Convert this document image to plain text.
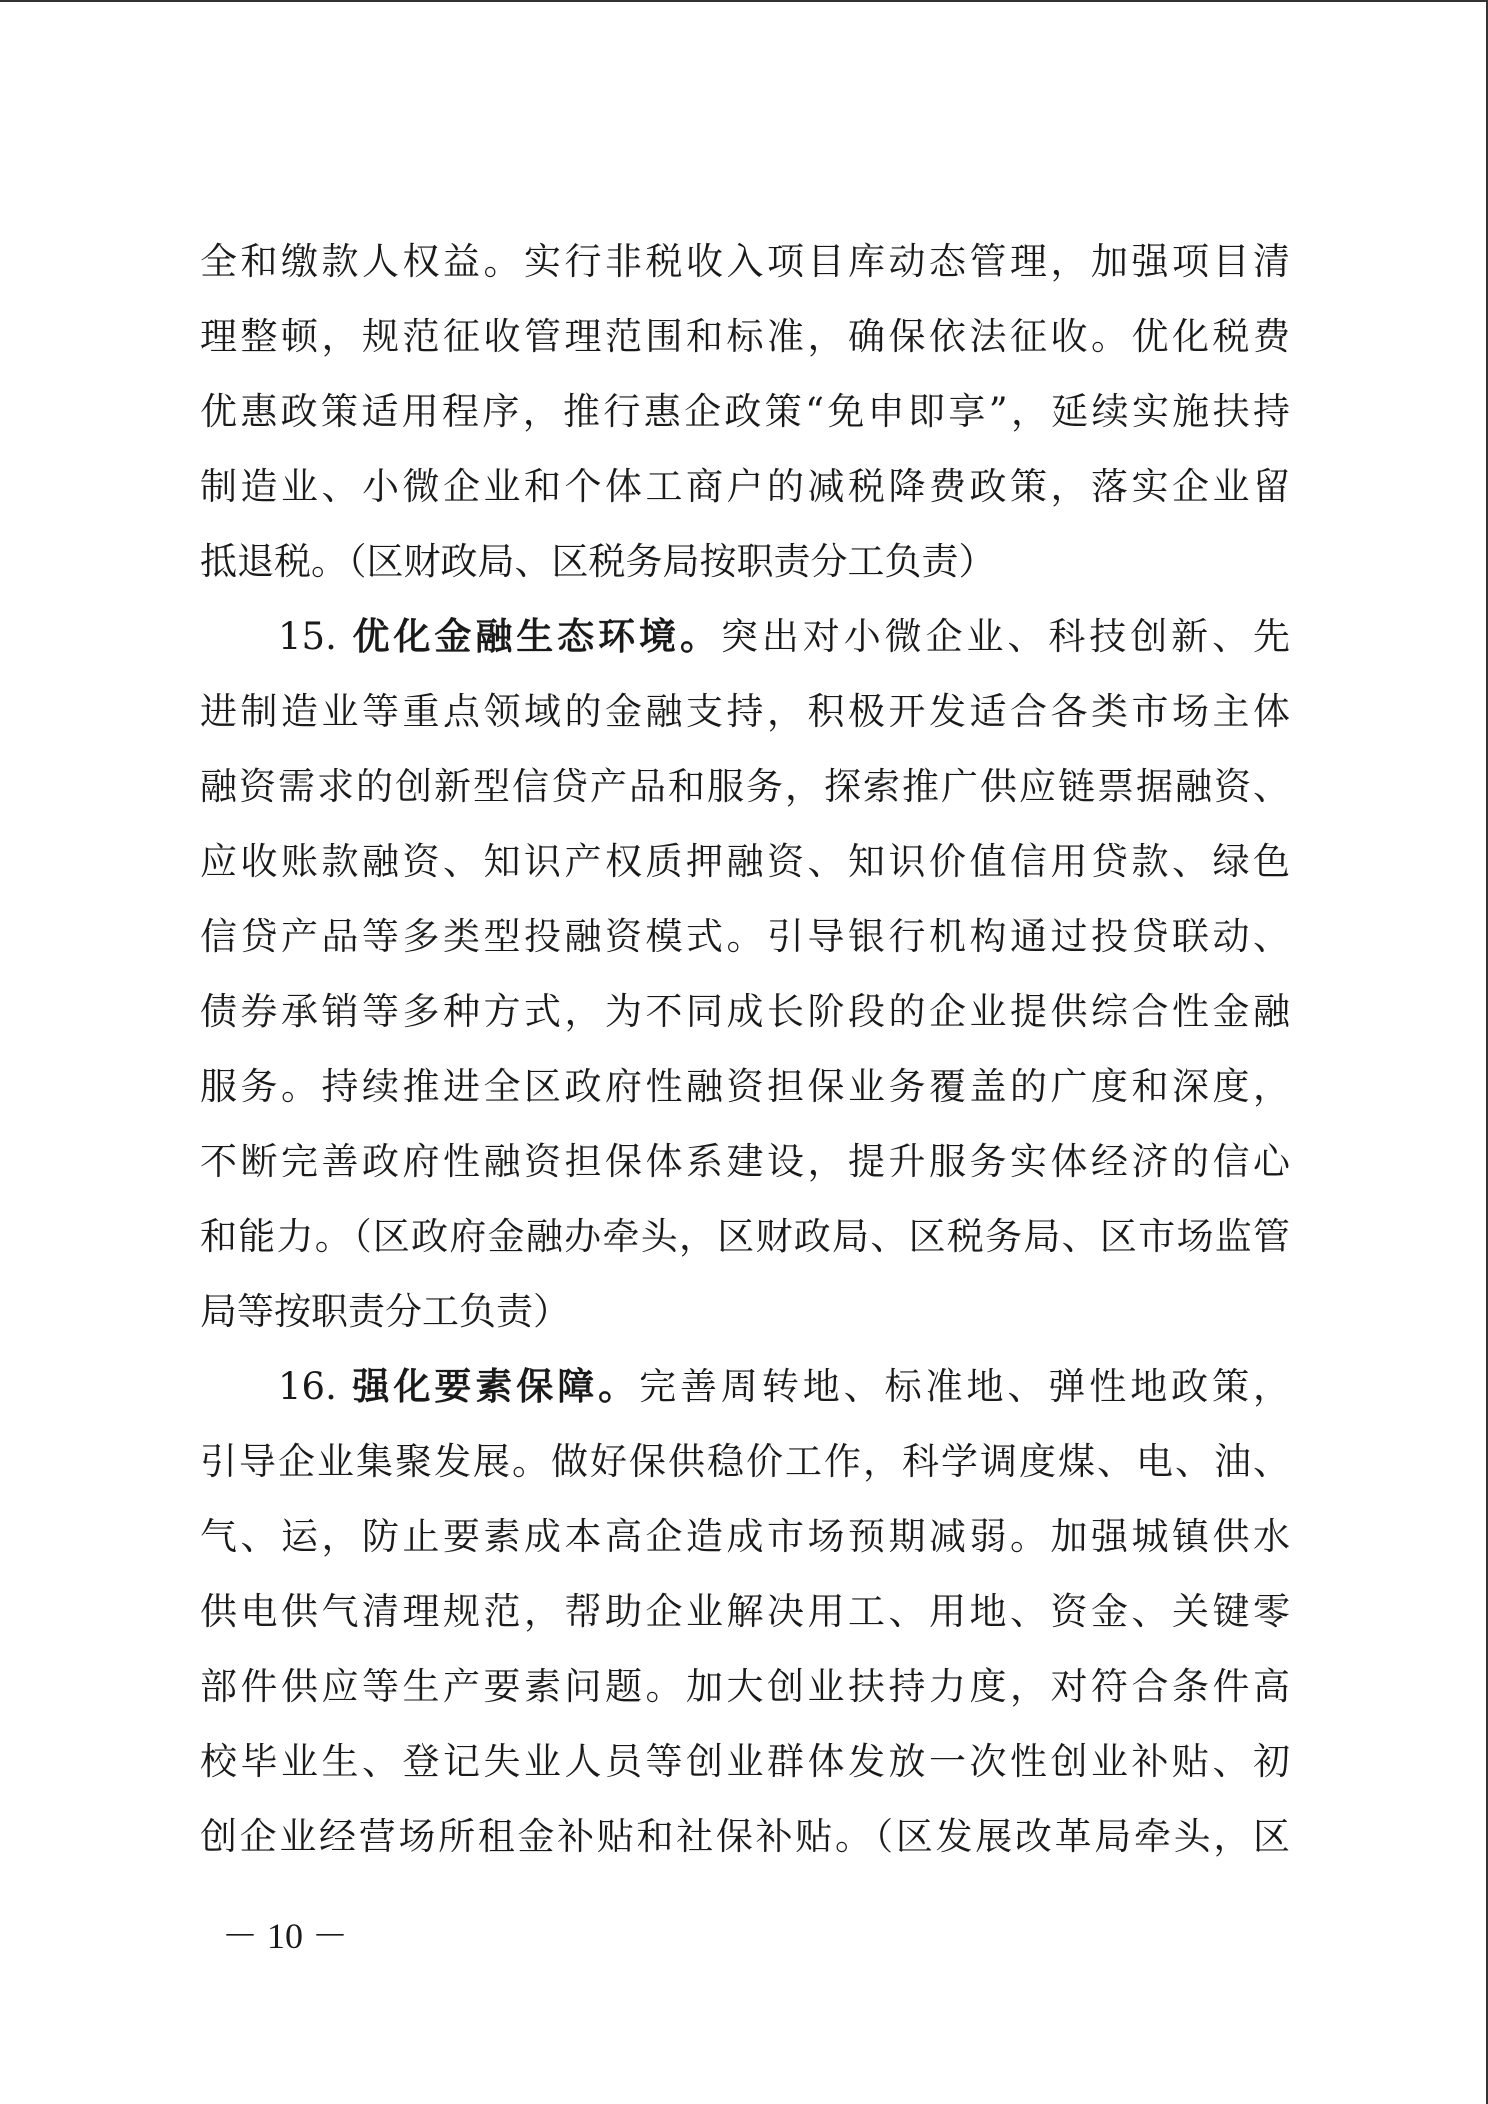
全和缴款人权益。实行非税收入项目库动态管理，加强项目清
理整顿，规范征收管理范围和标准，确保依法征收。优化税费
优惠政策适用程序，推行惠企政策“免申即享”，延续实施扶持
制造业、小微企业和个体工商户的减税降费政策，落实企业留
抵退税。（区财政局、区税务局按职责分工负责）
15. 优化金融生态环境。突出对小微企业、科技创新、先
进制造业等重点领域的金融支持，积极开发适合各类市场主体
融资需求的创新型信贷产品和服务，探索推广供应链票据融资、
应收账款融资、知识产权质押融资、知识价值信用贷款、绿色
信贷产品等多类型投融资模式。引导银行机构通过投贷联动、
债券承销等多种方式，为不同成长阶段的企业提供综合性金融
服务。持续推进全区政府性融资担保业务覆盖的广度和深度，
不断完善政府性融资担保体系建设，提升服务实体经济的信心
和能力。（区政府金融办牵头，区财政局、区税务局、区市场监管
局等按职责分工负责）
16. 强化要素保障。完善周转地、标准地、弹性地政策，
引导企业集聚发展。做好保供稳价工作，科学调度煤、电、油、
气、运，防止要素成本高企造成市场预期减弱。加强城镇供水
供电供气清理规范，帮助企业解决用工、用地、资金、关键零
部件供应等生产要素问题。加大创业扶持力度，对符合条件高
校毕业生、登记失业人员等创业群体发放一次性创业补贴、初
创企业经营场所租金补贴和社保补贴。（区发展改革局牵头，区
－ 10 －
